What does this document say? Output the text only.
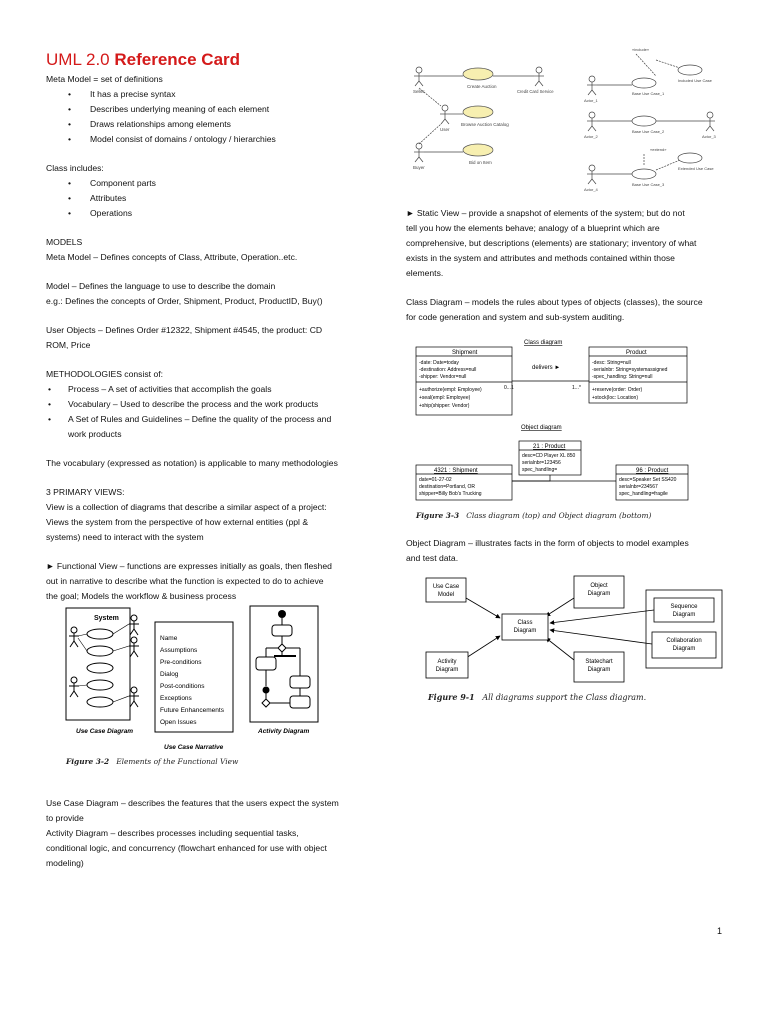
UML 2.0 Reference Card

Meta Model = set of definitions

• It has a precise syntax

• Describes underlying meaning of each element

• Draws relationships among elements

• Model consist of domains / ontology / hierarchies

Class includes:

• Component parts

• Attributes

• Operations

MODELS

Meta Model – Defines concepts of Class, Attribute, Operation..etc.

Model – Defines the language to use to describe the domain

e.g.: Defines the concepts of Order, Shipment, Product, ProductID, Buy()

User Objects – Defines Order #12322, Shipment #4545, the product: CD

ROM, Price

METHODOLOGIES consist of:

• Process – A set of activities that accomplish the goals

• Vocabulary – Used to describe the process and the work products

• A Set of Rules and Guidelines – Define the quality of the process and

work products

The vocabulary (expressed as notation) is applicable to many methodologies

3 PRIMARY VIEWS:

View is a collection of diagrams that describe a similar aspect of a project:

Views the system from the perspective of how external entities (ppl &

systems) need to interact with the system

► Functional View – functions are expresses initially as goals, then fleshed

out in narrative to describe what the function is expected to do to achieve

the goal; Models the workflow & business process

System
Use Case Diagram
Name
Assumptions
Pre-conditions
Dialog
Post-conditions
Exceptions
Future Enhancements
Open Issues
Use Case Narrative
Activity Diagram
Figure 3-2 Elements of the Functional View

Use Case Diagram – describes the features that the users expect the system

to provide

Activity Diagram – describes processes including sequential tasks,

conditional logic, and concurrency (flowchart enhanced for use with object

modeling)

Seller
User
Buyer
Credit Card Service
Create Auction
Browse Auction Catalog
Bid on Item
«include»
«extend»
Base Use Case_1
Included Use Case
Base Use Case_2
Base Use Case_3
Extended Use Case
Actor_1
Actor_2	Actor_3
Actor_4

► Static View – provide a snapshot of elements of the system; but do not

tell you how the elements behave; analogy of a blueprint which are

comprehensive, but descriptions (elements) are stationary; inventory of what

exists in the system and attributes and methods contained within those

elements.

Class Diagram – models the rules about types of objects (classes), the source

for code generation and system and sub-system auditing.

Class diagram
Shipment
-date: Date=today
-destination: Address=null
-shipper: Vendor=null
+authorize(empl: Employee)
+seal(empl: Employee)
+ship(shipper: Vendor)
delivers ►
0...1	1...*
Product
-desc: String=null
-serialnbr: String=systemassigned
-spec_handling: String=null
+reserve(order: Order)
+stock(loc: Location)
Object diagram
21 : Product
desc=CD Player XL 850
serialnbr=123456
spec_handling=
4321 : Shipment
date=01-27-02
destination=Portland, OR
shipper=Billy Bob's Trucking
96 : Product
desc=Speaker Set SS420
serialnbr=234567
spec_handling=fragile
Figure 3-3 Class diagram (top) and Object diagram (bottom)

Object Diagram – illustrates facts in the form of objects to model examples

and test data.

Use Case
Model
Object
Diagram
Sequence
Diagram
Collaboration
Diagram
Class
Diagram
Activity
Diagram
Statechart
Diagram
Figure 9-1 All diagrams support the Class diagram.
1
